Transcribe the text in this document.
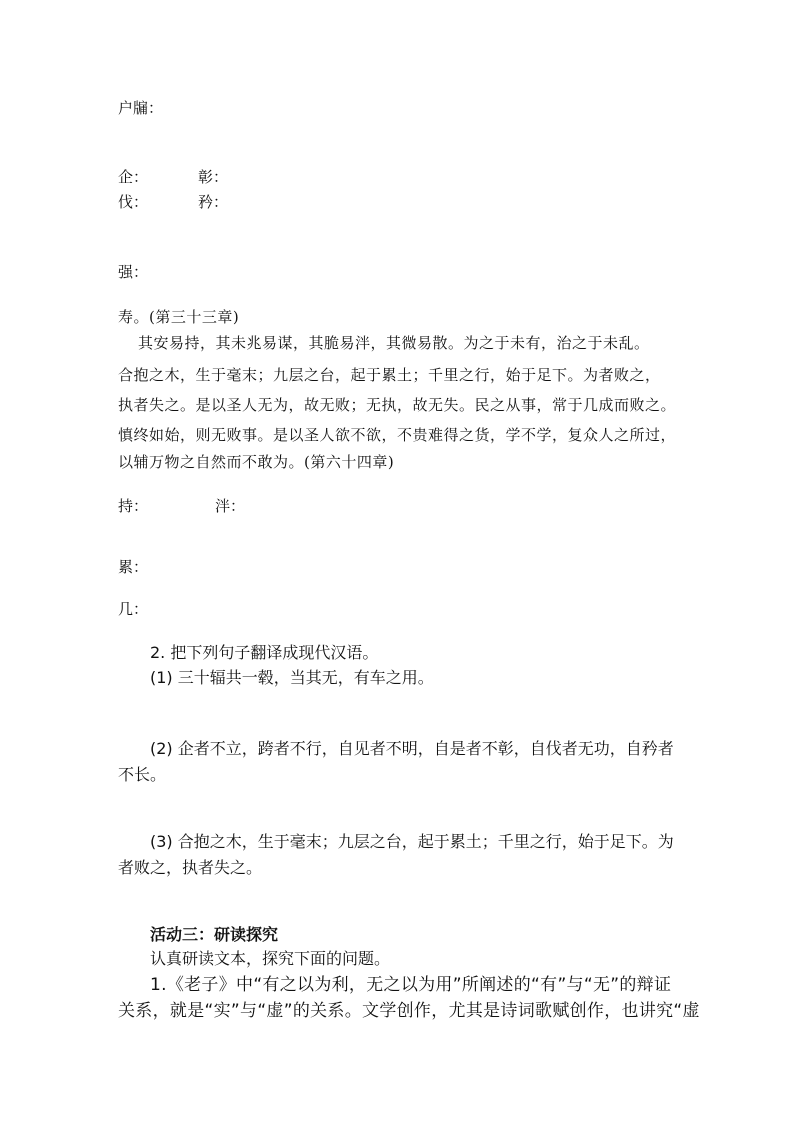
户牖：
企：	彰：
伐：	矜：
强：
寿。(第三十三章)
其安易持，其未兆易谋，其脆易泮，其微易散。为之于未有，治之于未乱。
合抱之木，生于毫末；九层之台，起于累土；千里之行，始于足下。为者败之，
执者失之。是以圣人无为，故无败；无执，故无失。民之从事，常于几成而败之。
慎终如始，则无败事。是以圣人欲不欲，不贵难得之货，学不学，复众人之所过，
以辅万物之自然而不敢为。(第六十四章)
持：	泮：
累：
几：
2. 把下列句子翻译成现代汉语。
(1) 三十辐共一毂，当其无，有车之用。
(2) 企者不立，跨者不行，自见者不明，自是者不彰，自伐者无功，自矜者
不长。
(3) 合抱之木，生于毫末；九层之台，起于累土；千里之行，始于足下。为
者败之，执者失之。
活动三：研读探究
认真研读文本，探究下面的问题。
1.《老子》中“有之以为利，无之以为用”所阐述的“有”与“无”的辩证
关系，就是“实”与“虚”的关系。文学创作，尤其是诗词歌赋创作，也讲究“虚
